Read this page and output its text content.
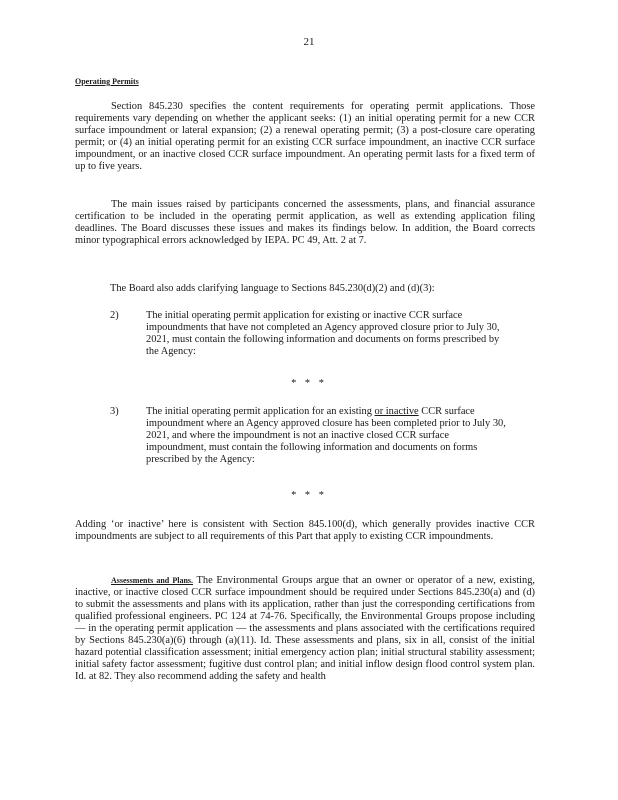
21
Operating Permits
Section 845.230 specifies the content requirements for operating permit applications. Those requirements vary depending on whether the applicant seeks: (1) an initial operating permit for a new CCR surface impoundment or lateral expansion; (2) a renewal operating permit; (3) a post-closure care operating permit; or (4) an initial operating permit for an existing CCR surface impoundment, an inactive CCR surface impoundment, or an inactive closed CCR surface impoundment. An operating permit lasts for a fixed term of up to five years.
The main issues raised by participants concerned the assessments, plans, and financial assurance certification to be included in the operating permit application, as well as extending application filing deadlines. The Board discusses these issues and makes its findings below. In addition, the Board corrects minor typographical errors acknowledged by IEPA. PC 49, Att. 2 at 7.
The Board also adds clarifying language to Sections 845.230(d)(2) and (d)(3):
2)	The initial operating permit application for existing or inactive CCR surface impoundments that have not completed an Agency approved closure prior to July 30, 2021, must contain the following information and documents on forms prescribed by the Agency:
* * *
3)	The initial operating permit application for an existing or inactive CCR surface impoundment where an Agency approved closure has been completed prior to July 30, 2021, and where the impoundment is not an inactive closed CCR surface impoundment, must contain the following information and documents on forms prescribed by the Agency:
* * *
Adding ‘or inactive’ here is consistent with Section 845.100(d), which generally provides inactive CCR impoundments are subject to all requirements of this Part that apply to existing CCR impoundments.
Assessments and Plans. The Environmental Groups argue that an owner or operator of a new, existing, inactive, or inactive closed CCR surface impoundment should be required under Sections 845.230(a) and (d) to submit the assessments and plans with its application, rather than just the corresponding certifications from qualified professional engineers. PC 124 at 74-76. Specifically, the Environmental Groups propose including — in the operating permit application — the assessments and plans associated with the certifications required by Sections 845.230(a)(6) through (a)(11). Id. These assessments and plans, six in all, consist of the initial hazard potential classification assessment; initial emergency action plan; initial structural stability assessment; initial safety factor assessment; fugitive dust control plan; and initial inflow design flood control system plan. Id. at 82. They also recommend adding the safety and health
